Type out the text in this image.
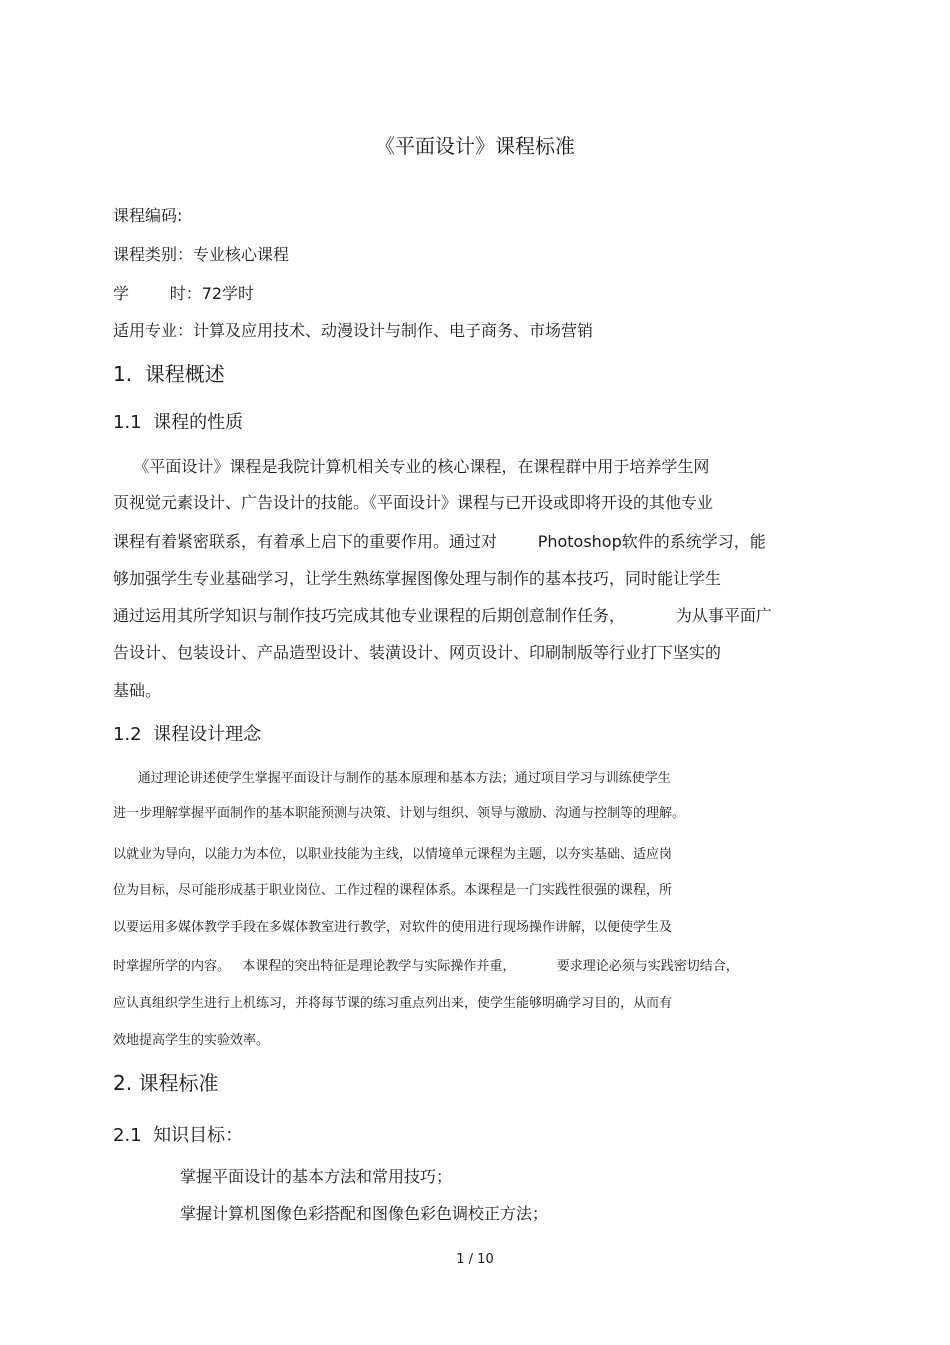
《平面设计》课程标准
课程编码:
课程类别：专业核心课程
学        时：72学时
适用专业：计算及应用技术、动漫设计与制作、电子商务、市场营销
1.  课程概述
1.1  课程的性质
《平面设计》课程是我院计算机相关专业的核心课程，在课程群中用于培养学生网
页视觉元素设计、广告设计的技能。《平面设计》课程与已开设或即将开设的其他专业
课程有着紧密联系，有着承上启下的重要作用。通过对        Photoshop软件的系统学习，能
够加强学生专业基础学习，让学生熟练掌握图像处理与制作的基本技巧，同时能让学生
通过运用其所学知识与制作技巧完成其他专业课程的后期创意制作任务，          为从事平面广
告设计、包装设计、产品造型设计、装潢设计、网页设计、印刷制版等行业打下坚实的
基础。
1.2  课程设计理念
通过理论讲述使学生掌握平面设计与制作的基本原理和基本方法；通过项目学习与训练使学生
进一步理解掌握平面制作的基本职能预测与决策、计划与组织、领导与激励、沟通与控制等的理解。
以就业为导向，以能力为本位，以职业技能为主线，以情境单元课程为主题，以夯实基础、适应岗
位为目标，尽可能形成基于职业岗位、工作过程的课程体系。本课程是一门实践性很强的课程，所
以要运用多媒体教学手段在多媒体教室进行教学，对软件的使用进行现场操作讲解，以便使学生及
时掌握所学的内容。   本课程的突出特征是理论教学与实际操作并重，          要求理论必须与实践密切结合，
应认真组织学生进行上机练习，并将每节课的练习重点列出来，使学生能够明确学习目的，从而有
效地提高学生的实验效率。
2. 课程标准
2.1  知识目标：
掌握平面设计的基本方法和常用技巧；
掌握计算机图像色彩搭配和图像色彩色调校正方法；
1 / 10
